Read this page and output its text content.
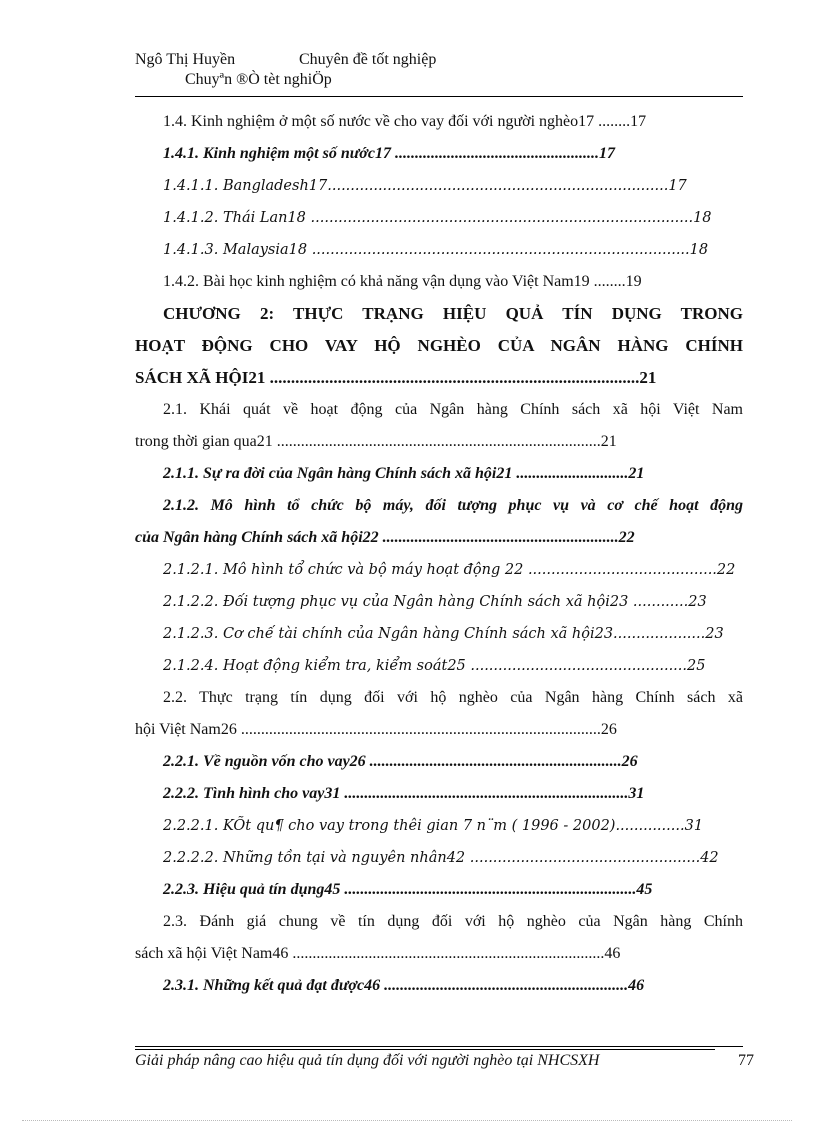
Ngô Thị Huyền	Chuyên đề tốt nghiệp
Chuyªn ®Ò tèt nghiÖp
1.4. Kinh nghiệm ở một số nước về cho vay đối với người nghèo17 ........17
1.4.1. Kinh nghiệm một số nước17 ...................................................17
1.4.1.1. Bangladesh17..........................................................................17
1.4.1.2. Thái Lan18 ...................................................................................18
1.4.1.3. Malaysia18 ..................................................................................18
1.4.2. Bài học kinh nghiệm có khả năng vận dụng vào Việt Nam19 ........19
CHƯƠNG 2: THỰC TRẠNG HIỆU QUẢ TÍN DỤNG TRONG
HOẠT ĐỘNG CHO VAY HỘ NGHÈO CỦA NGÂN HÀNG CHÍNH
SÁCH XÃ HỘI21 .......................................................................................21
2.1. Khái quát về hoạt động của Ngân hàng Chính sách xã hội Việt Nam
trong thời gian qua21 .................................................................................21
2.1.1. Sự ra đời của Ngân hàng Chính sách xã hội21 ............................21
2.1.2. Mô hình tổ chức bộ máy, đối tượng phục vụ và cơ chế hoạt động
của Ngân hàng Chính sách xã hội22 ...........................................................22
2.1.2.1. Mô hình tổ chức và bộ máy hoạt động 22 .........................................22
2.1.2.2. Đối tượng phục vụ của Ngân hàng Chính sách xã hội23 ............23
2.1.2.3. Cơ chế tài chính của Ngân hàng Chính sách xã hội23....................23
2.1.2.4. Hoạt động kiểm tra, kiểm soát25 ...............................................25
2.2. Thực trạng tín dụng đối với hộ nghèo của Ngân hàng Chính sách xã
hội Việt Nam26 ..........................................................................................26
2.2.1. Về nguồn vốn cho vay26 ...............................................................26
2.2.2. Tình hình cho vay31 .......................................................................31
2.2.2.1. KÕt qu¶ cho vay trong thêi gian 7 n¨m ( 1996 - 2002)...............31
2.2.2.2. Những tồn tại và nguyên nhân42 ..................................................42
2.2.3. Hiệu quả tín dụng45 .........................................................................45
2.3. Đánh giá chung về tín dụng đối với hộ nghèo của Ngân hàng Chính
sách xã hội Việt Nam46 ..............................................................................46
2.3.1. Những kết quả đạt được46 .............................................................46
Giải pháp nâng cao hiệu quả tín dụng đối với người nghèo tại NHCSXH	77
